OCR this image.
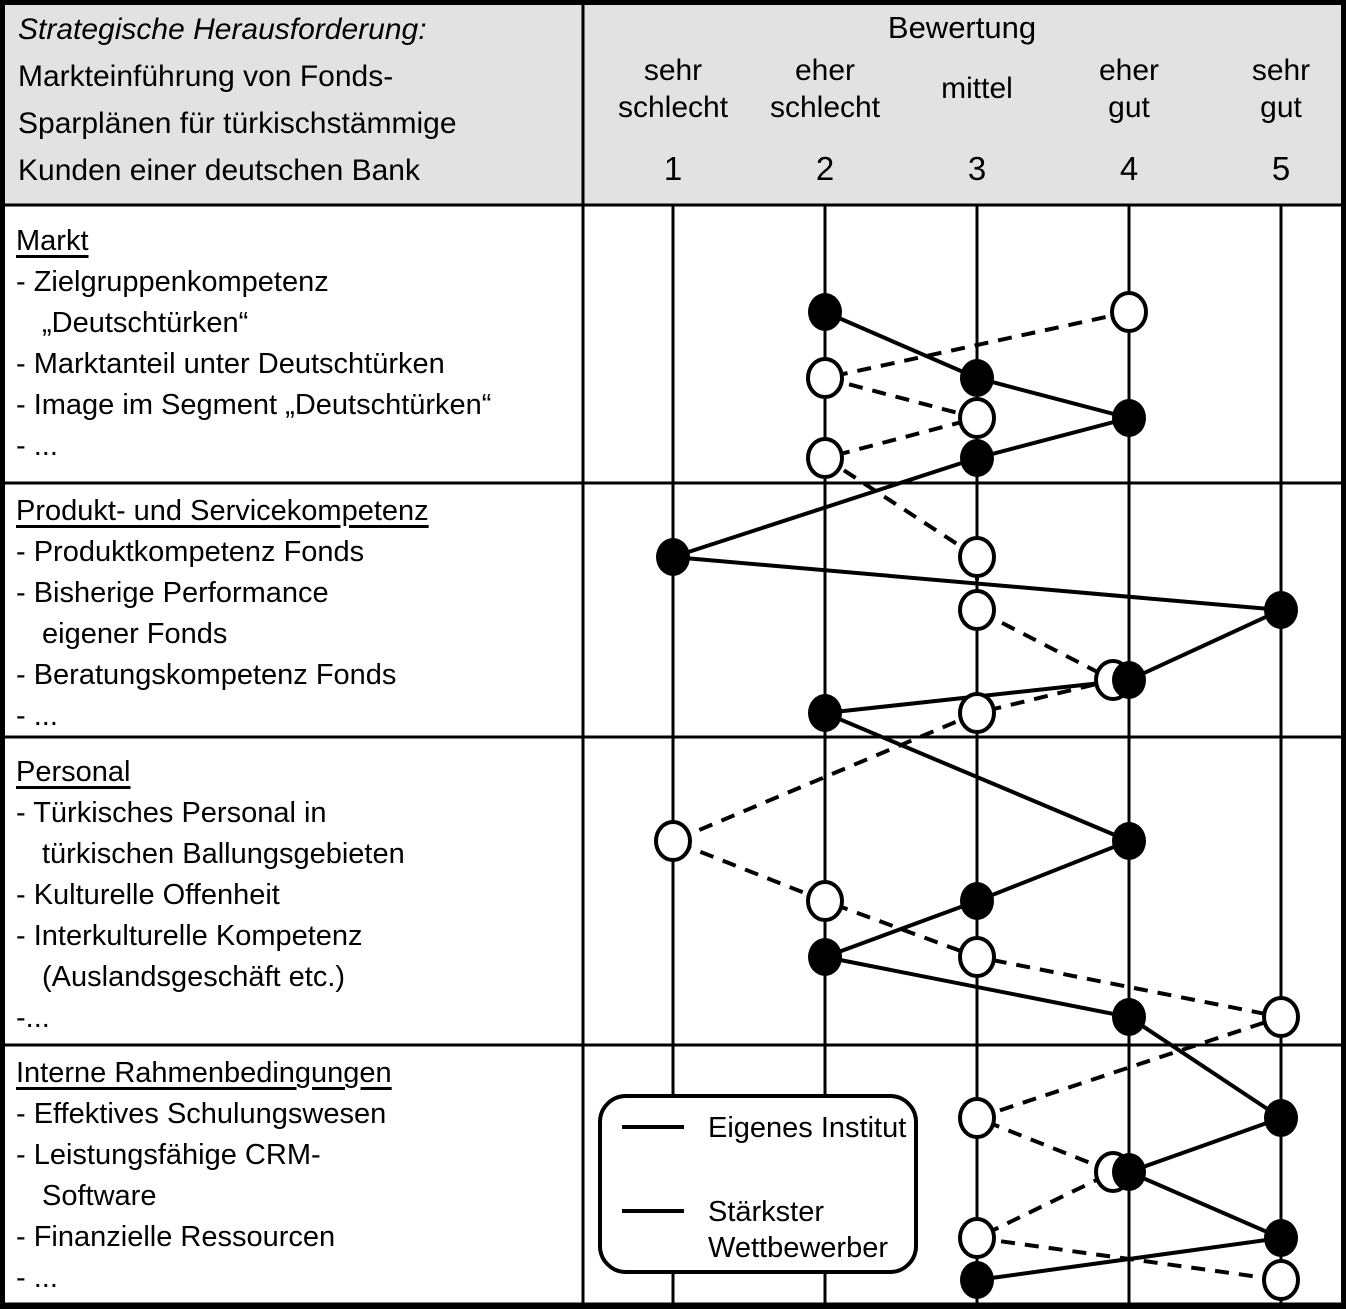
Strategische Herausforderung:
Markteinführung von Fonds-
Sparplänen für türkischstämmige
Kunden einer deutschen Bank
Bewertung
sehr
schlecht
1
eher
schlecht
2
mittel
3
eher
gut
4
sehr
gut
5
Markt
- Zielgruppenkompetenz
„Deutschtürken“
- Marktanteil unter Deutschtürken
- Image im Segment „Deutschtürken“
- ...
Produkt- und Servicekompetenz
- Produktkompetenz Fonds
- Bisherige Performance
eigener Fonds
- Beratungskompetenz Fonds
- ...
Personal
- Türkisches Personal in
türkischen Ballungsgebieten
- Kulturelle Offenheit
- Interkulturelle Kompetenz
(Auslandsgeschäft etc.)
-...
Interne Rahmenbedingungen
- Effektives Schulungswesen
- Leistungsfähige CRM-
Software
- Finanzielle Ressourcen
- ...
Eigenes Institut
Stärkster Wettbewerber
